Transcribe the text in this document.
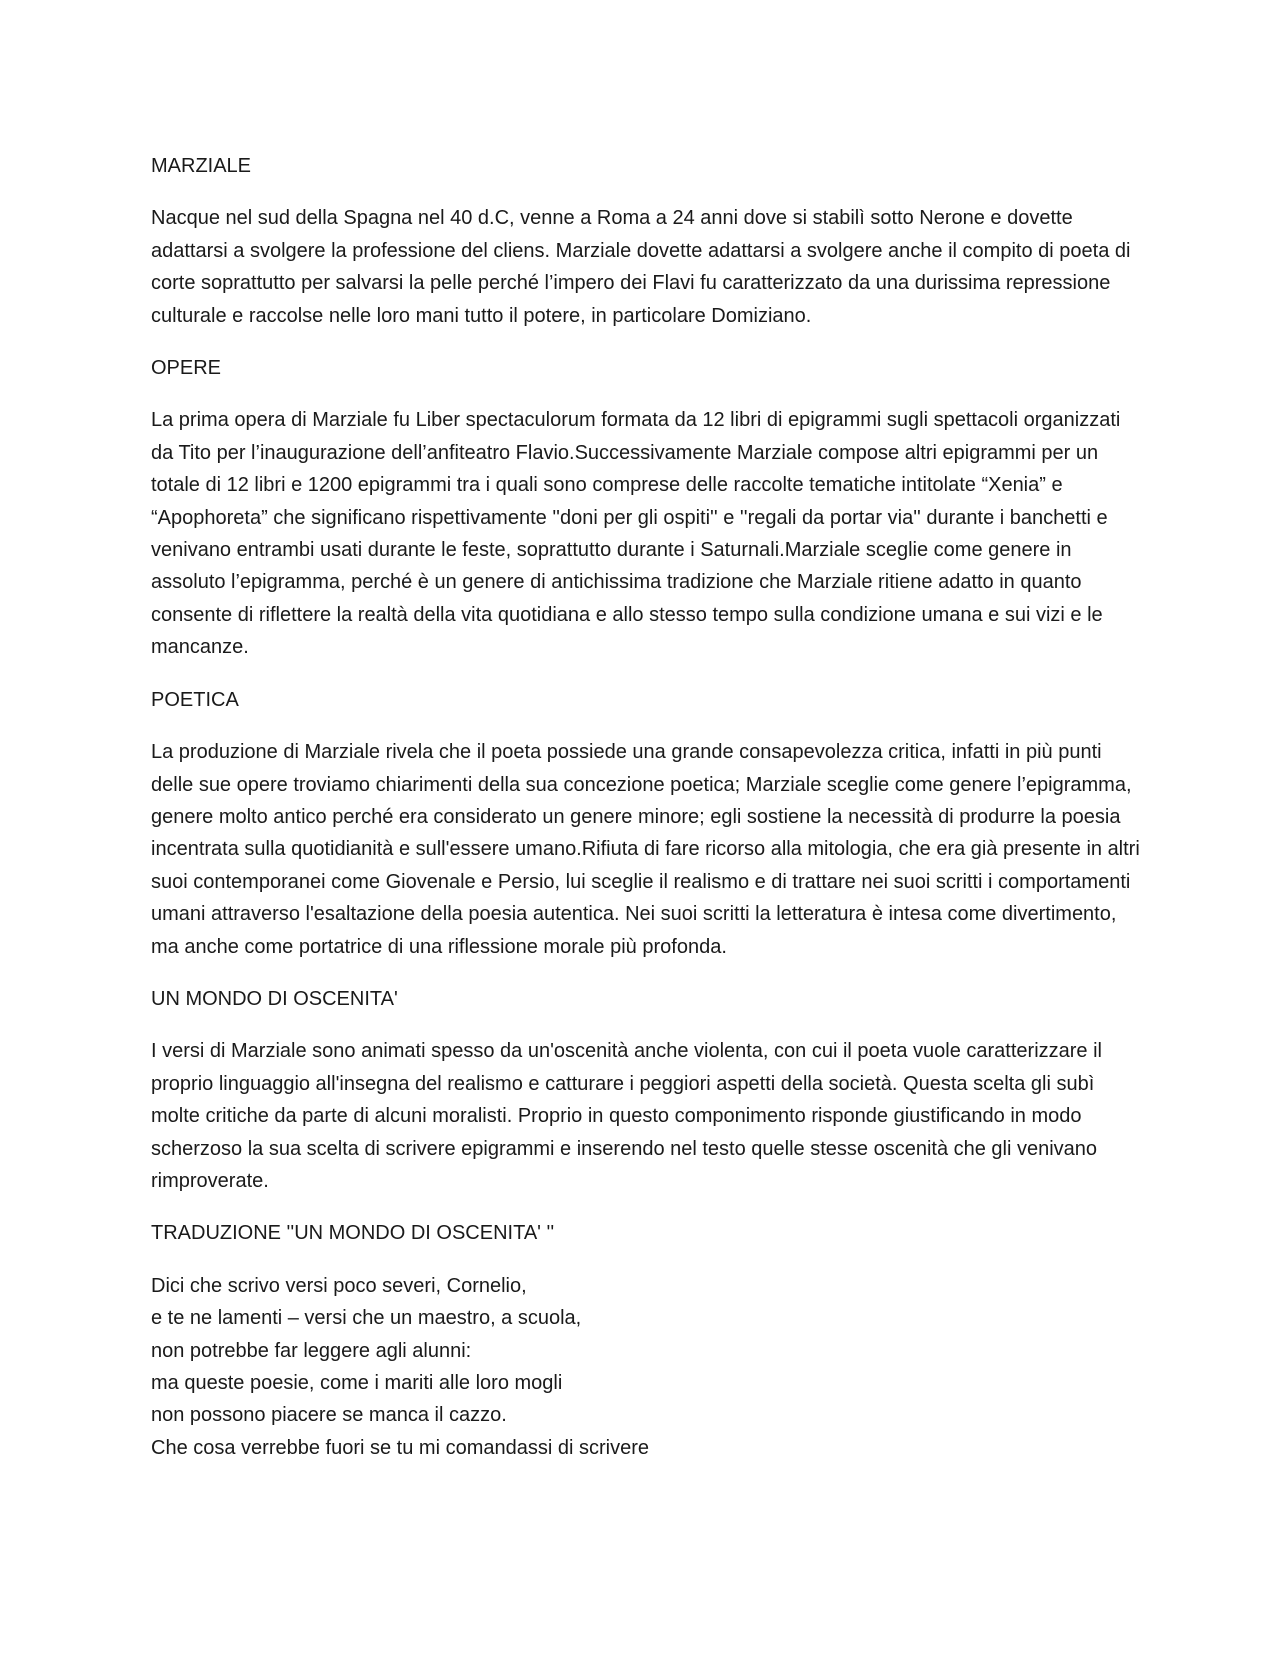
MARZIALE

Nacque nel sud della Spagna nel 40 d.C, venne a Roma a 24 anni dove si stabilì sotto Nerone e dovette adattarsi a svolgere la professione del cliens. Marziale dovette adattarsi a svolgere anche il compito di poeta di corte soprattutto per salvarsi la pelle perché l’impero dei Flavi fu caratterizzato da una durissima repressione culturale e raccolse nelle loro mani tutto il potere, in particolare Domiziano.

OPERE

La prima opera di Marziale fu Liber spectaculorum formata da 12 libri di epigrammi sugli spettacoli organizzati da Tito per l’inaugurazione dell’anfiteatro Flavio.Successivamente Marziale compose altri epigrammi per un totale di 12 libri e 1200 epigrammi tra i quali sono comprese delle raccolte tematiche intitolate “Xenia” e “Apophoreta” che significano rispettivamente ''doni per gli ospiti'' e ''regali da portar via'' durante i banchetti e venivano entrambi usati durante le feste, soprattutto durante i Saturnali.Marziale sceglie come genere in assoluto l’epigramma, perché è un genere di antichissima tradizione che Marziale ritiene adatto in quanto consente di riflettere la realtà della vita quotidiana e allo stesso tempo sulla condizione umana e sui vizi e le mancanze.

POETICA

La produzione di Marziale rivela che il poeta possiede una grande consapevolezza critica, infatti in più punti delle sue opere troviamo chiarimenti della sua concezione poetica; Marziale sceglie come genere l’epigramma, genere molto antico perché era considerato un genere minore; egli sostiene la necessità di produrre la poesia incentrata sulla quotidianità e sull'essere umano.Rifiuta di fare ricorso alla mitologia, che era già presente in altri suoi contemporanei come Giovenale e Persio, lui sceglie il realismo e di trattare nei suoi scritti i comportamenti umani attraverso l'esaltazione della poesia autentica. Nei suoi scritti la letteratura è intesa come divertimento, ma anche come portatrice di una riflessione morale più profonda.

UN MONDO DI OSCENITA'

I versi di Marziale sono animati spesso da un'oscenità anche violenta, con cui il poeta vuole caratterizzare il proprio linguaggio all'insegna del realismo e catturare i peggiori aspetti della società. Questa scelta gli subì molte critiche da parte di alcuni moralisti. Proprio in questo componimento risponde giustificando in modo scherzoso la sua scelta di scrivere epigrammi e inserendo nel testo quelle stesse oscenità che gli venivano rimproverate.

TRADUZIONE ''UN MONDO DI OSCENITA' ''

Dici che scrivo versi poco severi, Cornelio,
e te ne lamenti – versi che un maestro, a scuola,
non potrebbe far leggere agli alunni:
ma queste poesie, come i mariti alle loro mogli
non possono piacere se manca il cazzo.
Che cosa verrebbe fuori se tu mi comandassi di scrivere
